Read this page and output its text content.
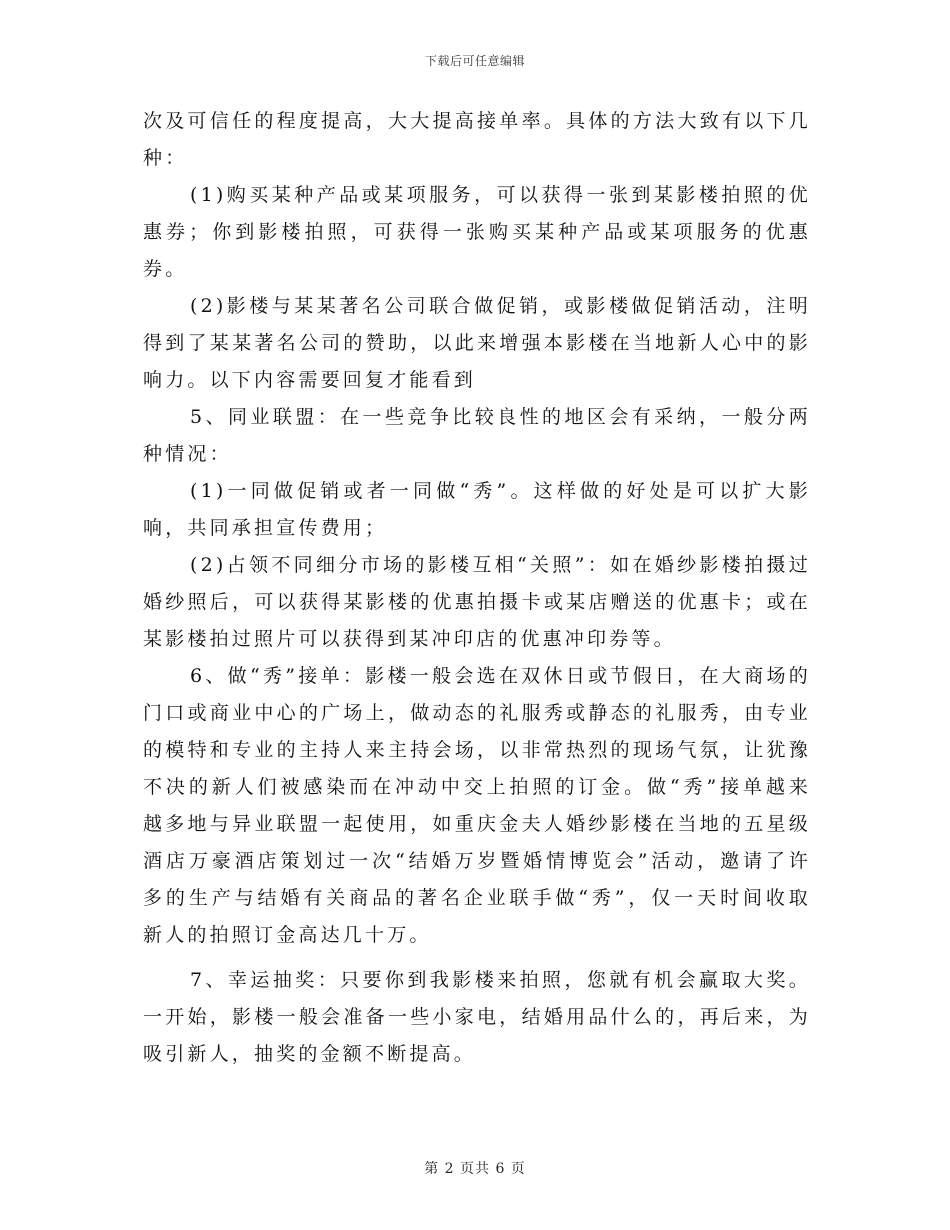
下载后可任意编辑

次及可信任的程度提高，大大提高接单率。具体的方法大致有以下几种：

(1)购买某种产品或某项服务，可以获得一张到某影楼拍照的优惠券；你到影楼拍照，可获得一张购买某种产品或某项服务的优惠券。

(2)影楼与某某著名公司联合做促销，或影楼做促销活动，注明得到了某某著名公司的赞助，以此来增强本影楼在当地新人心中的影响力。以下内容需要回复才能看到

5、同业联盟：在一些竞争比较良性的地区会有采纳，一般分两种情况：

(1)一同做促销或者一同做“秀”。这样做的好处是可以扩大影响，共同承担宣传费用；

(2)占领不同细分市场的影楼互相“关照”：如在婚纱影楼拍摄过婚纱照后，可以获得某影楼的优惠拍摄卡或某店赠送的优惠卡；或在某影楼拍过照片可以获得到某冲印店的优惠冲印券等。

6、做“秀”接单：影楼一般会选在双休日或节假日，在大商场的门口或商业中心的广场上，做动态的礼服秀或静态的礼服秀，由专业的模特和专业的主持人来主持会场，以非常热烈的现场气氛，让犹豫不决的新人们被感染而在冲动中交上拍照的订金。做“秀”接单越来越多地与异业联盟一起使用，如重庆金夫人婚纱影楼在当地的五星级酒店万豪酒店策划过一次“结婚万岁暨婚情博览会”活动，邀请了许多的生产与结婚有关商品的著名企业联手做“秀”，仅一天时间收取新人的拍照订金高达几十万。

7、幸运抽奖：只要你到我影楼来拍照，您就有机会赢取大奖。一开始，影楼一般会准备一些小家电，结婚用品什么的，再后来，为吸引新人，抽奖的金额不断提高。

第 2 页共 6 页
